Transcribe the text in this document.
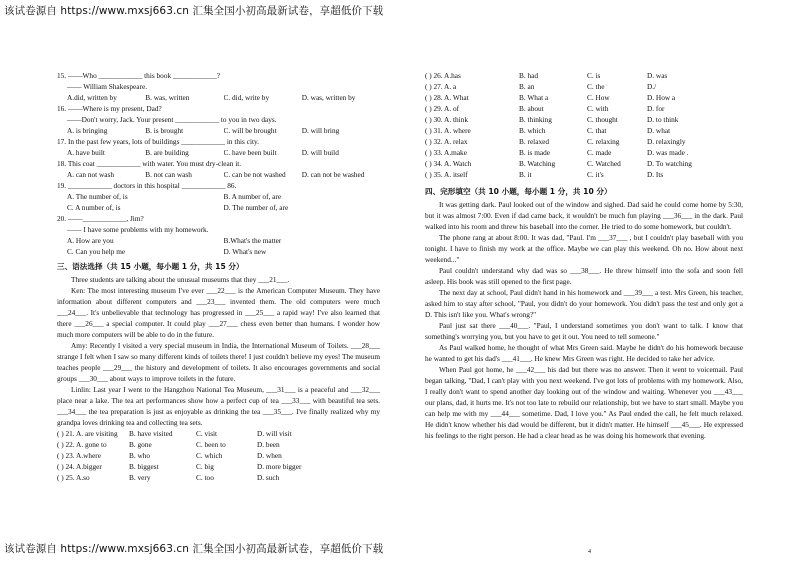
该试卷源自 https://www.mxsj663.cn 汇集全国小初高最新试卷，享超低价下载
15. ——Who ____________ this book ____________?
—— William Shakespeare.
A.did, written by	B. was, written	C. did, write by	D. was, written by
16. ——Where is my present, Dad?
——Don't worry, Jack. Your present ____________ to you in two days.
A. is bringing	B. is brought	C. will be brought	D. will bring
17. In the past few years, lots of buildings ____________ in this city.
A. have built	B. are building	C. have been built	D. will build
18. This coat ____________ with water. You must dry-clean it.
A. can not wash	B. not can wash	C. can be not washed	D. can not be washed
19. ____________ doctors in this hospital ____________ 86.
A. The number of, is	B. A number of, are
C. A number of, is	D. The number of, are
20. ——____________, Jim?
—— I have some problems with my homework.
A. How are you	B.What's the matter
C. Can you help me	D. What's new
三、语法选择（共 15 小题，每小题 1 分，共 15 分）
Three students are talking about the unusual museums that they ___21___.
Ken: The most interesting museum I've ever ___22___ is the American Computer Museum. They have information about different computers and ___23___ invented them. The old computers were much ___24___. It's unbelievable that technology has progressed in ___25___ a rapid way! I've also learned that there ___26___ a special computer. It could play ___27___ chess even better than humans. I wonder how much more computers will be able to do in the future.
Amy: Recently I visited a very special museum in India, the International Museum of Toilets. ___28___ strange I felt when I saw so many different kinds of toilets there! I just couldn't believe my eyes! The museum teaches people ___29___ the history and development of toilets. It also encourages governments and social groups ___30___ about ways to improve toilets in the future.
Linlin: Last year I went to the Hangzhou National Tea Museum, ___31___ is a peaceful and ___32___ place near a lake. The tea art performances show how a perfect cup of tea ___33___ with beautiful tea sets. ___34___ the tea preparation is just as enjoyable as drinking the tea ___35___. I've finally realized why my grandpa loves drinking tea and collecting tea sets.
( ) 21. A. are visiting	B. have visited	C. visit	D. will visit
( ) 22. A. gone to	B. gone	C. been to	D. been
( ) 23. A.where	B. who	C. which	D. when
( ) 24. A.bigger	B. biggest	C. big	D. more bigger
( ) 25. A.so	B. very	C. too	D. such
( ) 26. A.has	B. had	C. is	D. was
( ) 27. A. a	B. an	C. the	D./
( ) 28. A. What	B. What a	C. How	D. How a
( ) 29. A. of	B. about	C. with	D. for
( ) 30. A. think	B. thinking	C. thought	D. to think
( ) 31. A. where	B. which	C. that	D. what
( ) 32. A. relax	B. relaxed	C. relaxing	D. relaxingly
( ) 33. A.make	B. is made	C. made	D. was made .
( ) 34. A. Watch	B. Watching	C. Watched	D. To watching
( ) 35. A. itself	B. it	C. it's	D. Its
四、完形填空（共 10 小题，每小题 1 分，共 10 分）
It was getting dark. Paul looked out of the window and sighed. Dad said he could come home by 5:30, but it was almost 7:00. Even if dad came back, it wouldn't be much fun playing ___36___ in the dark. Paul walked into his room and threw his baseball into the corner. He tried to do some homework, but couldn't.
The phone rang at about 8:00. It was dad, "Paul. I'm ___37___ , but I couldn't play baseball with you tonight. I have to finish my work at the office. Maybe we can play this weekend. Oh no. How about next weekend..."
Paul couldn't understand why dad was so ___38___. He threw himself into the sofa and soon fell asleep. His book was still opened to the first page.
The next day at school, Paul didn't hand in his homework and ___39___ a test. Mrs Green, his teacher, asked him to stay after school, "Paul, you didn't do your homework. You didn't pass the test and only got a D. This isn't like you. What's wrong?"
Paul just sat there ___40___. "Paul, I understand sometimes you don't want to talk. I know that something's worrying you, but you have to get it out. You need to tell someone."
As Paul walked home, he thought of what Mrs Green said. Maybe he didn't do his homework because he wanted to get his dad's ___41___. He knew Mrs Green was right. He decided to take her advice.
When Paul got home, he ___42___ his dad but there was no answer. Then it went to voicemail. Paul began talking, "Dad, I can't play with you next weekend. I've got lots of problems with my homework. Also, I really don't want to spend another day looking out of the window and waiting. Whenever you ___43___ our plans, dad, it hurts me. It's not too late to rebuild our relationship, but we have to start small. Maybe you can help me with my ___44___ sometime. Dad, I love you." As Paul ended the call, he felt much relaxed. He didn't know whether his dad would be different, but it didn't matter. He himself ___45___. He expressed his feelings to the right person. He had a clear head as he was doing his homework that evening.
4
该试卷源自 https://www.mxsj663.cn 汇集全国小初高最新试卷，享超低价下载
